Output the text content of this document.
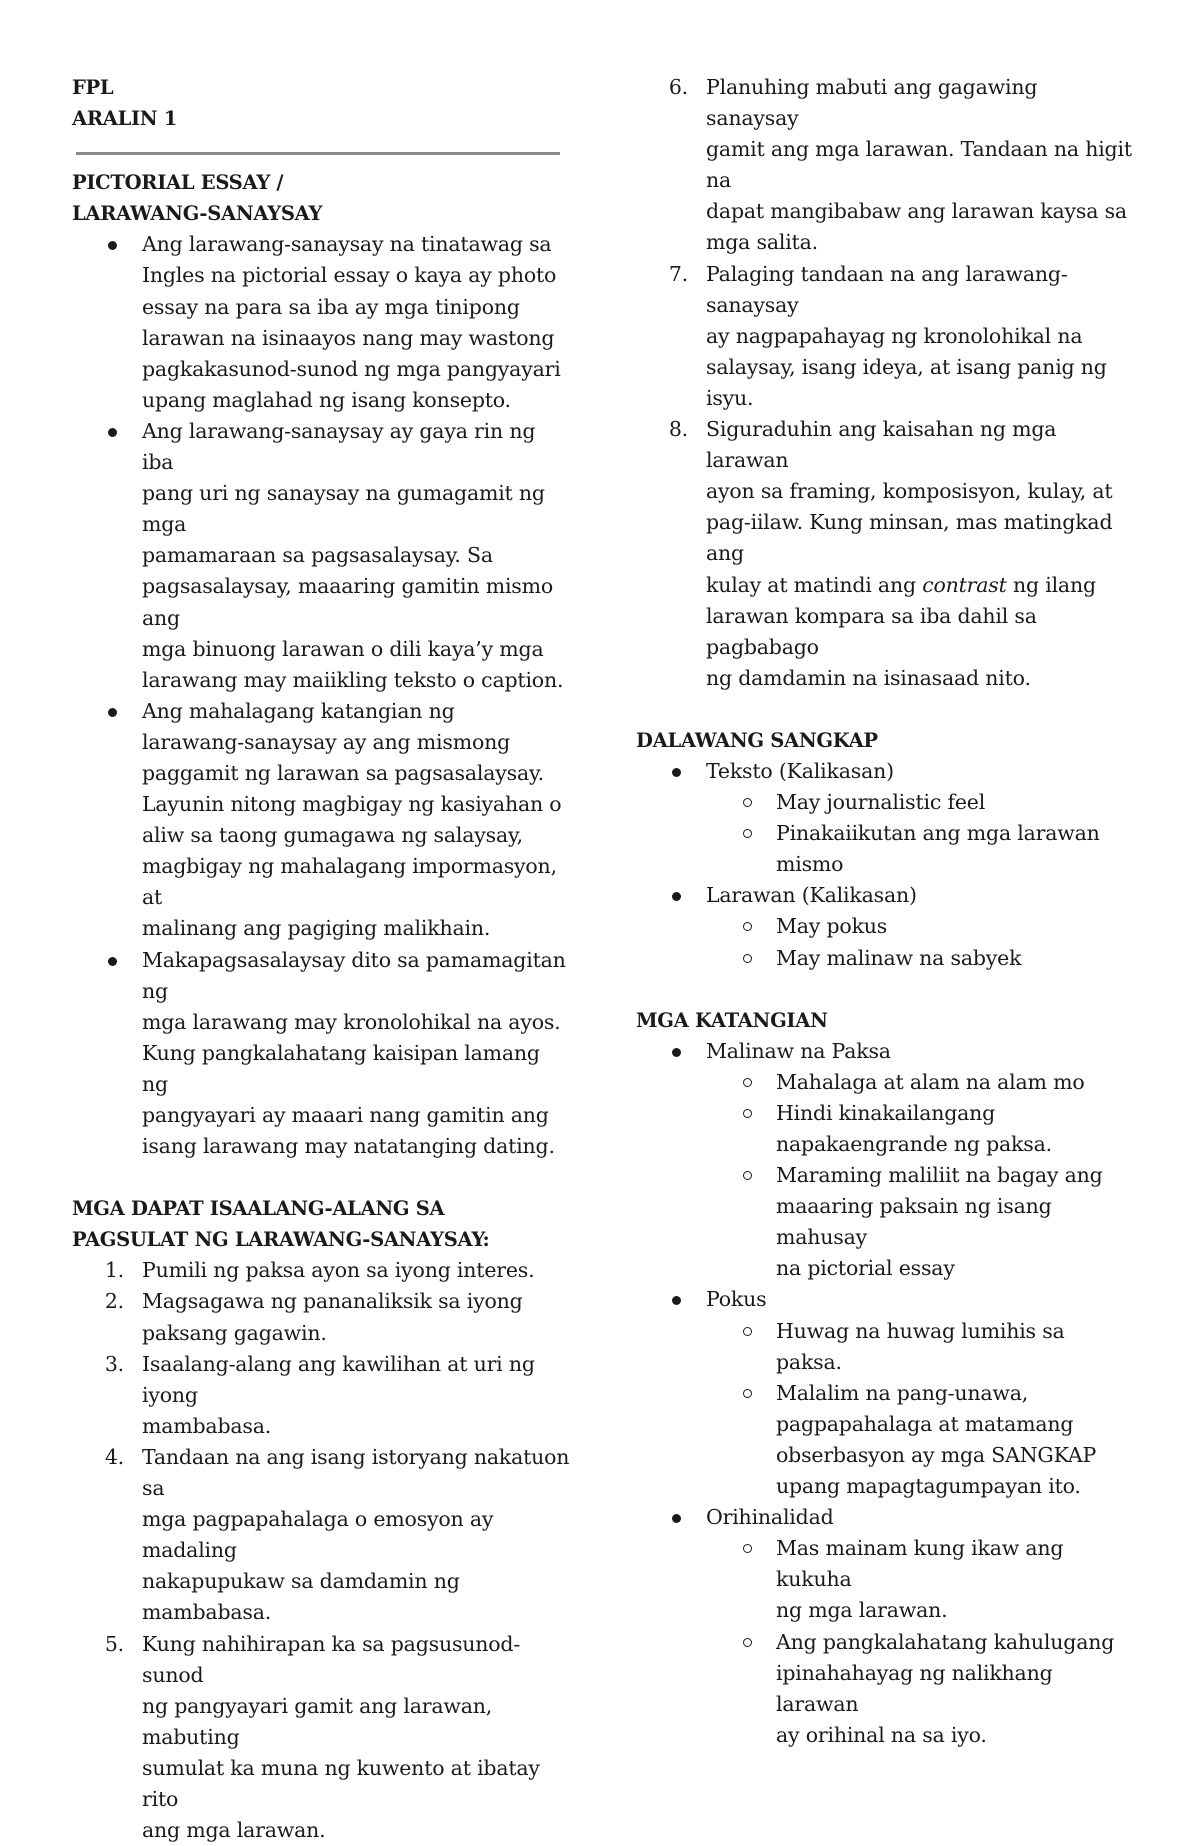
FPL

ARALIN 1

PICTORIAL ESSAY /

LARAWANG-SANAYSAY

Ang larawang-sanaysay na tinatawag sa
Ingles na pictorial essay o kaya ay photo
essay na para sa iba ay mga tinipong
larawan na isinaayos nang may wastong
pagkakasunod-sunod ng mga pangyayari
upang maglahad ng isang konsepto.
Ang larawang-sanaysay ay gaya rin ng iba
pang uri ng sanaysay na gumagamit ng mga
pamamaraan sa pagsasalaysay. Sa
pagsasalaysay, maaaring gamitin mismo ang
mga binuong larawan o dili kaya’y mga
larawang may maiikling teksto o caption.
Ang mahalagang katangian ng
larawang-sanaysay ay ang mismong
paggamit ng larawan sa pagsasalaysay.
Layunin nitong magbigay ng kasiyahan o
aliw sa taong gumagawa ng salaysay,
magbigay ng mahalagang impormasyon, at
malinang ang pagiging malikhain.
Makapagsasalaysay dito sa pamamagitan ng
mga larawang may kronolohikal na ayos.
Kung pangkalahatang kaisipan lamang ng
pangyayari ay maaari nang gamitin ang
isang larawang may natatanging dating.

MGA DAPAT ISAALANG-ALANG SA

PAGSULAT NG LARAWANG-SANAYSAY:

1. Pumili ng paksa ayon sa iyong interes.
2. Magsagawa ng pananaliksik sa iyong
paksang gagawin.
3. Isaalang-alang ang kawilihan at uri ng iyong
mambabasa.
4. Tandaan na ang isang istoryang nakatuon sa
mga pagpapahalaga o emosyon ay madaling
nakapupukaw sa damdamin ng mambabasa.
5. Kung nahihirapan ka sa pagsusunod-sunod
ng pangyayari gamit ang larawan, mabuting
sumulat ka muna ng kuwento at ibatay rito
ang mga larawan.
6. Planuhing mabuti ang gagawing sanaysay
gamit ang mga larawan. Tandaan na higit na
dapat mangibabaw ang larawan kaysa sa
mga salita.
7. Palaging tandaan na ang larawang-sanaysay
ay nagpapahayag ng kronolohikal na
salaysay, isang ideya, at isang panig ng isyu.
8. Siguraduhin ang kaisahan ng mga larawan
ayon sa framing, komposisyon, kulay, at
pag-iilaw. Kung minsan, mas matingkad ang
kulay at matindi ang contrast ng ilang
larawan kompara sa iba dahil sa pagbabago
ng damdamin na isinasaad nito.

DALAWANG SANGKAP

Teksto (Kalikasan)
May journalistic feel
Pinakaiikutan ang mga larawan
mismo
Larawan (Kalikasan)
May pokus
May malinaw na sabyek

MGA KATANGIAN

Malinaw na Paksa
Mahalaga at alam na alam mo
Hindi kinakailangang
napakaengrande ng paksa.
Maraming maliliit na bagay ang
maaaring paksain ng isang mahusay
na pictorial essay
Pokus
Huwag na huwag lumihis sa paksa.
Malalim na pang-unawa,
pagpapahalaga at matamang
obserbasyon ay mga SANGKAP
upang mapagtagumpayan ito.
Orihinalidad
Mas mainam kung ikaw ang kukuha
ng mga larawan.
Ang pangkalahatang kahulugang
ipinahahayag ng nalikhang larawan
ay orihinal na sa iyo.
